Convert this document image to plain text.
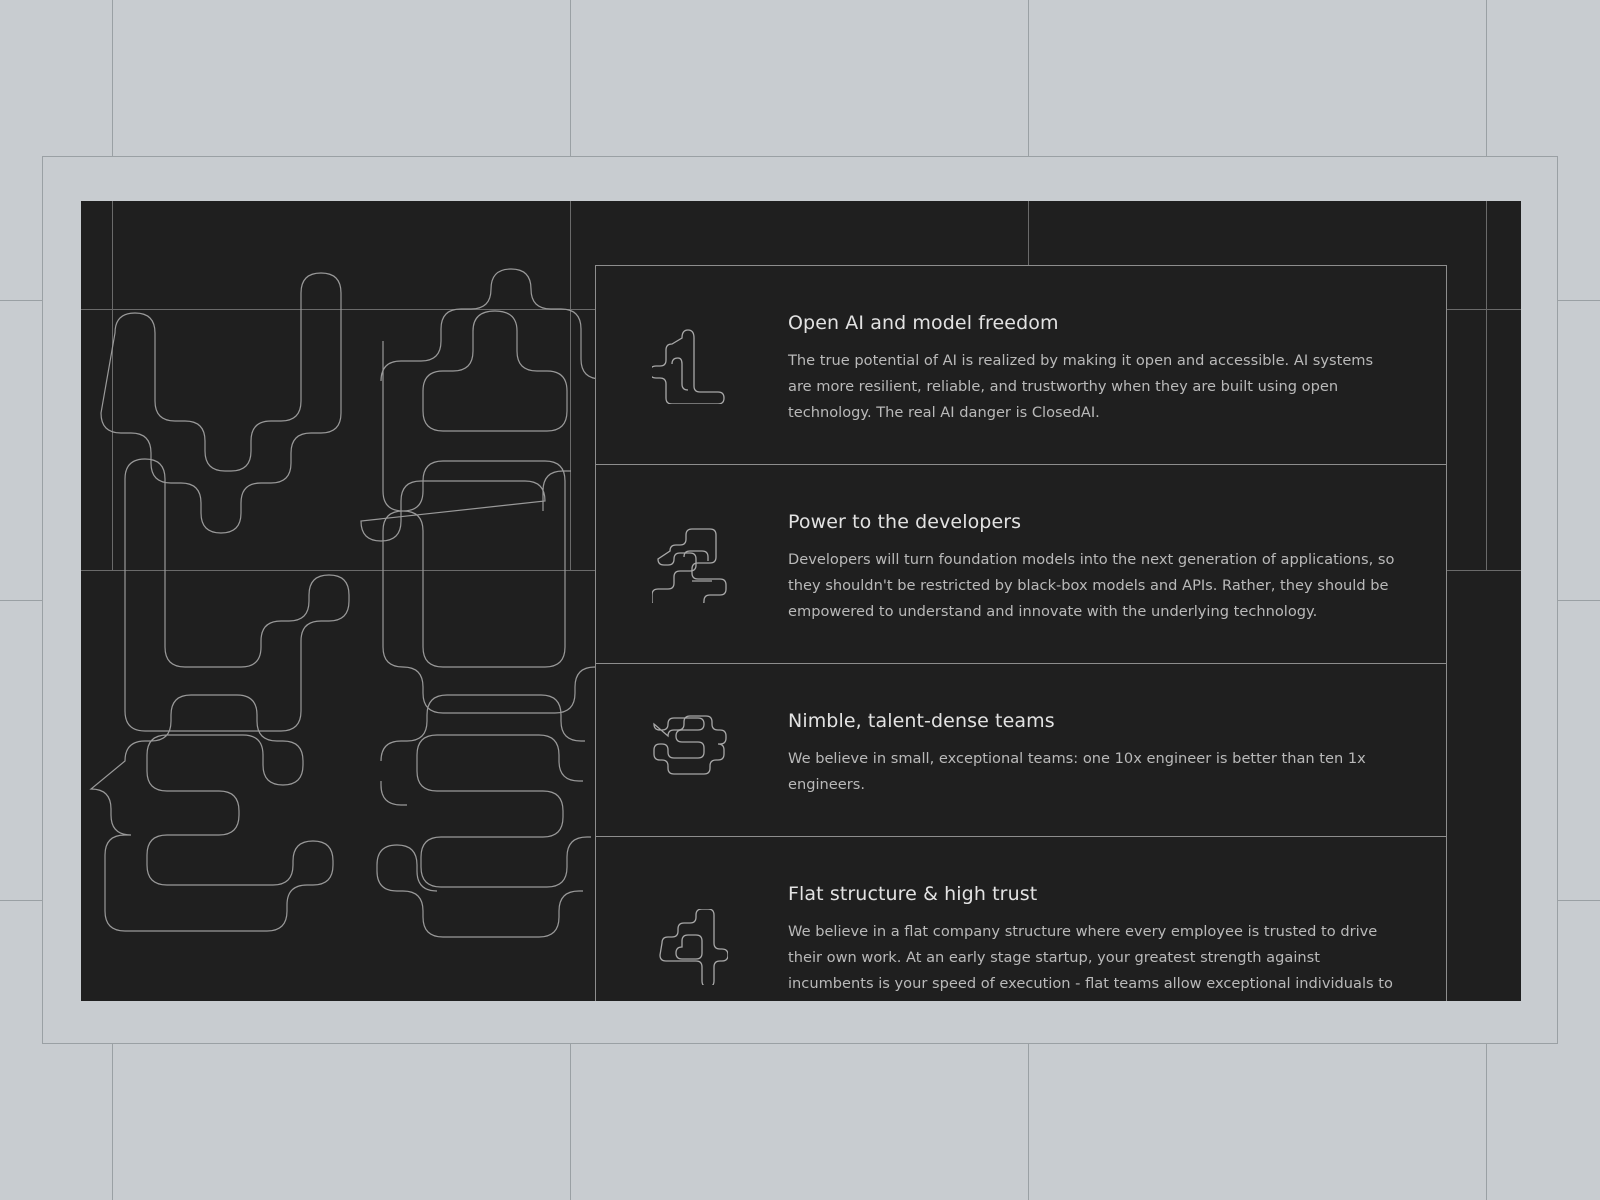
Open AI and model freedom

The true potential of AI is realized by making it open and accessible. AI systems are more resilient, reliable, and trustworthy when they are built using open technology. The real AI danger is ClosedAI.

Power to the developers

Developers will turn foundation models into the next generation of applications, so they shouldn't be restricted by black-box models and APIs. Rather, they should be empowered to understand and innovate with the underlying technology.

Nimble, talent-dense teams

We believe in small, exceptional teams: one 10x engineer is better than ten 1x engineers.

Flat structure & high trust

We believe in a flat company structure where every employee is trusted to drive their own work. At an early stage startup, your greatest strength against incumbents is your speed of execution - flat teams allow exceptional individuals to
